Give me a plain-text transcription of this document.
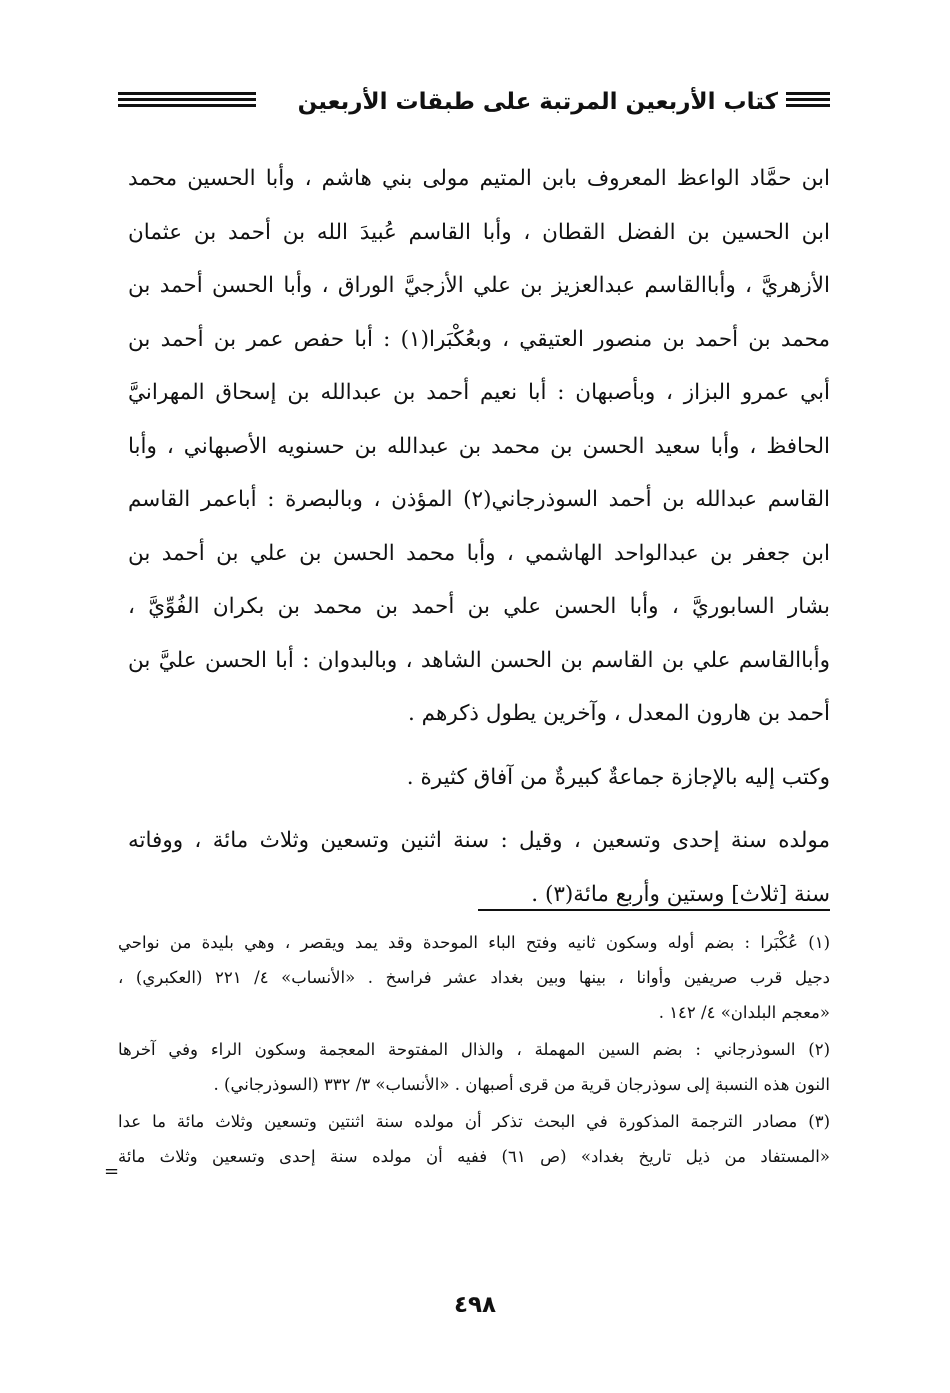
كتاب الأربعين المرتبة على طبقات الأربعين
ابن حمَّاد الواعظ المعروف بابن المتيم مولى بني هاشم ، وأبا الحسين محمد
ابن الحسين بن الفضل القطان ، وأبا القاسم عُبيدَ الله بن أحمد بن عثمان
الأزهريَّ ، وأباالقاسم عبدالعزيز بن علي الأزجيَّ الوراق ، وأبا الحسن أحمد بن
محمد بن أحمد بن منصور العتيقي ، وبعُكْبَرا(١) : أبا حفص عمر بن أحمد بن
أبي عمرو البزاز ، وبأصبهان : أبا نعيم أحمد بن عبدالله بن إسحاق المهرانيَّ
الحافظ ، وأبا سعيد الحسن بن محمد بن عبدالله بن حسنويه الأصبهاني ، وأبا
القاسم عبدالله بن أحمد السوذرجاني(٢) المؤذن ، وبالبصرة : أباعمر القاسم
ابن جعفر بن عبدالواحد الهاشمي ، وأبا محمد الحسن بن علي بن أحمد بن
بشار السابوريَّ ، وأبا الحسن علي بن أحمد بن محمد بن بكران الفُوِّيَّ ،
وأباالقاسم علي بن القاسم بن الحسن الشاهد ، وبالبدوان : أبا الحسن عليَّ بن
أحمد بن هارون المعدل ، وآخرين يطول ذكرهم .
وكتب إليه بالإجازة جماعةٌ كبيرةٌ من آفاق كثيرة .
مولده سنة إحدى وتسعين ، وقيل : سنة اثنين وتسعين وثلاث مائة ، ووفاته
سنة [ثلاث] وستين وأربع مائة(٣) .
(١) عُكْبَرا : بضم أوله وسكون ثانيه وفتح الباء الموحدة وقد يمد ويقصر ، وهي بليدة من نواحي
دجيل قرب صريفين وأوانا ، بينها وبين بغداد عشر فراسخ . «الأنساب» ٤/ ٢٢١ (العكبري) ،
«معجم البلدان» ٤/ ١٤٢ .
(٢) السوذرجاني : بضم السين المهملة ، والذال المفتوحة المعجمة وسكون الراء وفي آخرها
النون هذه النسبة إلى سوذرجان قرية من قرى أصبهان . «الأنساب» ٣/ ٣٣٢ (السوذرجاني) .
(٣) مصادر الترجمة المذكورة في البحث تذكر أن مولده سنة اثنتين وتسعين وثلاث مائة ما عدا
«المستفاد من ذيل تاريخ بغداد» (ص ٦١) ففيه أن مولده سنة إحدى وتسعين وثلاث مائة
=
٤٩٨
